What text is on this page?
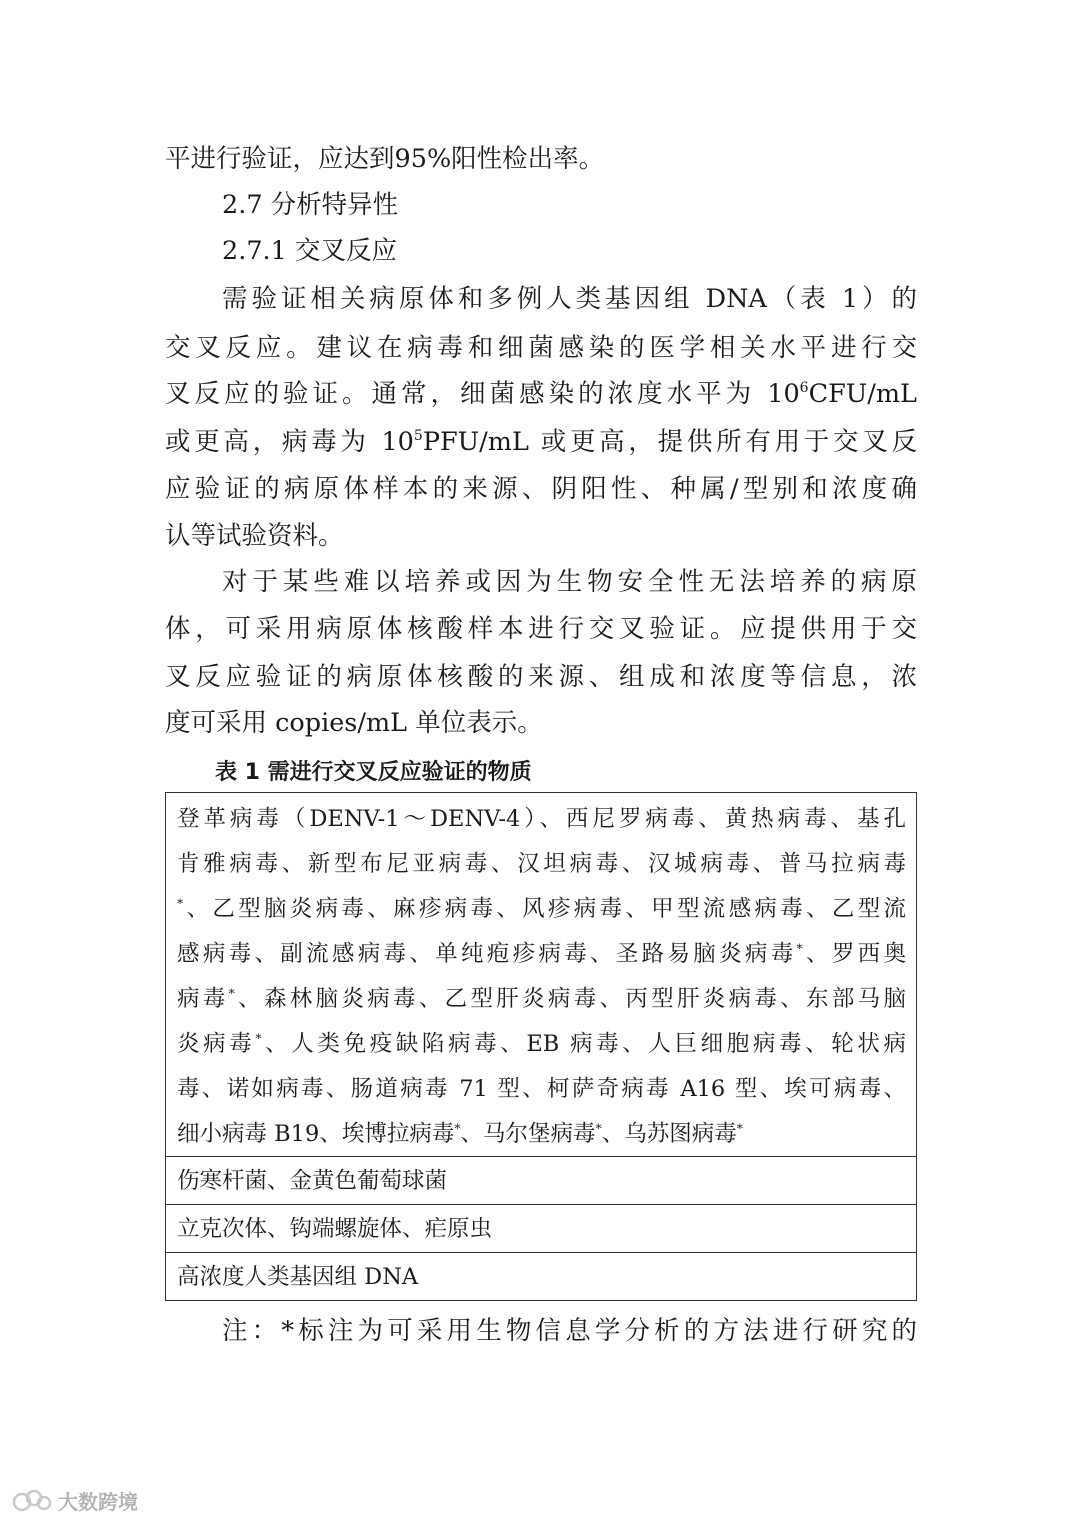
平进行验证，应达到95%阳性检出率。
2.7 分析特异性
2.7.1 交叉反应
需验证相关病原体和多例人类基因组 DNA（表 1）的
交叉反应。建议在病毒和细菌感染的医学相关水平进行交
叉反应的验证。通常，细菌感染的浓度水平为 $10^6CFU/mL$
或更高，病毒为 $10^5PFU/mL$ 或更高，提供所有用于交叉反
应验证的病原体样本的来源、阴阳性、种属/型别和浓度确
认等试验资料。
对于某些难以培养或因为生物安全性无法培养的病原
体，可采用病原体核酸样本进行交叉验证。应提供用于交
叉反应验证的病原体核酸的来源、组成和浓度等信息，浓
度可采用 copies/mL 单位表示。
表 1 需进行交叉反应验证的物质
登革病毒（DENV-1～DENV-4）、西尼罗病毒、黄热病毒、基孔
肯雅病毒、新型布尼亚病毒、汉坦病毒、汉城病毒、普马拉病毒
*、乙型脑炎病毒、麻疹病毒、风疹病毒、甲型流感病毒、乙型流
感病毒、副流感病毒、单纯疱疹病毒、圣路易脑炎病毒*、罗西奥
病毒*、森林脑炎病毒、乙型肝炎病毒、丙型肝炎病毒、东部马脑
炎病毒*、人类免疫缺陷病毒、EB 病毒、人巨细胞病毒、轮状病
毒、诺如病毒、肠道病毒 71 型、柯萨奇病毒 A16 型、埃可病毒、
细小病毒 B19、埃博拉病毒*、马尔堡病毒*、乌苏图病毒*
伤寒杆菌、金黄色葡萄球菌
立克次体、钩端螺旋体、疟原虫
高浓度人类基因组 DNA
注：*标注为可采用生物信息学分析的方法进行研究的
大数跨境
